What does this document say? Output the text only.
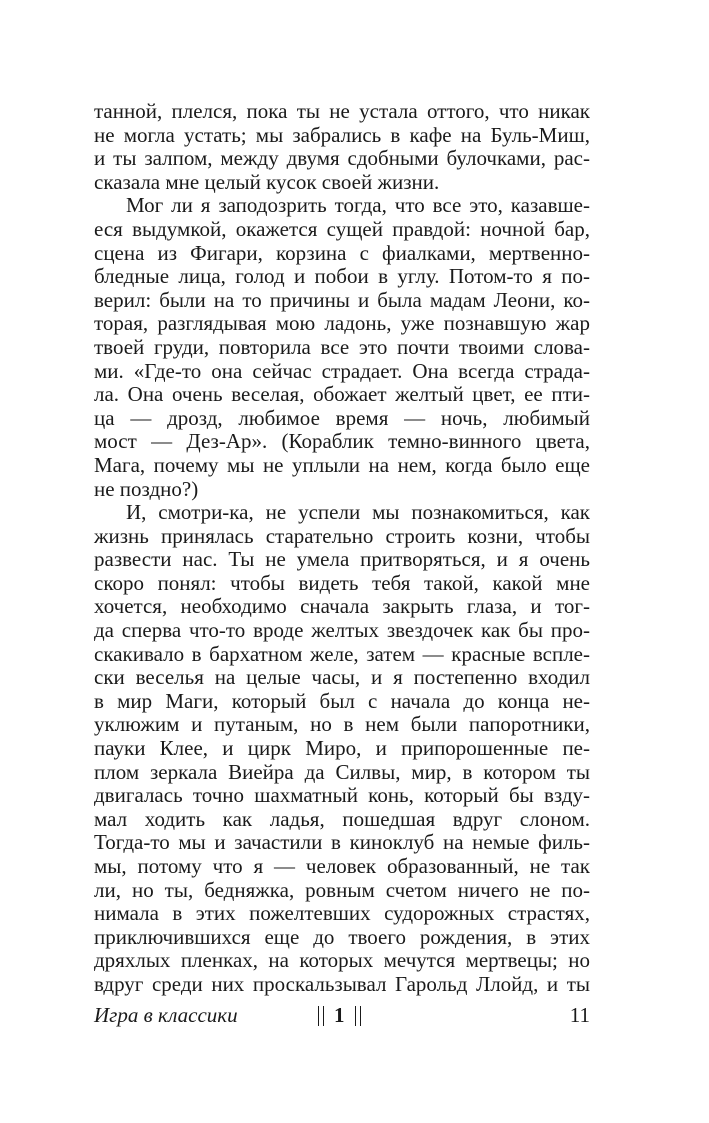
танной, плелся, пока ты не устала оттого, что никак
не могла устать; мы забрались в кафе на Буль-Миш,
и ты залпом, между двумя сдобными булочками, рас-
сказала мне целый кусок своей жизни.
Мог ли я заподозрить тогда, что все это, казавше-
еся выдумкой, окажется сущей правдой: ночной бар,
сцена из Фигари, корзина с фиалками, мертвенно-
бледные лица, голод и побои в углу. Потом-то я по-
верил: были на то причины и была мадам Леони, ко-
торая, разглядывая мою ладонь, уже познавшую жар
твоей груди, повторила все это почти твоими слова-
ми. «Где-то она сейчас страдает. Она всегда страда-
ла. Она очень веселая, обожает желтый цвет, ее пти-
ца — дрозд, любимое время — ночь, любимый
мост — Дез-Ар». (Кораблик темно-винного цвета,
Мага, почему мы не уплыли на нем, когда было еще
не поздно?)
И, смотри-ка, не успели мы познакомиться, как
жизнь принялась старательно строить козни, чтобы
развести нас. Ты не умела притворяться, и я очень
скоро понял: чтобы видеть тебя такой, какой мне
хочется, необходимо сначала закрыть глаза, и тог-
да сперва что-то вроде желтых звездочек как бы про-
скакивало в бархатном желе, затем — красные всплe-
ски веселья на целые часы, и я постепенно входил
в мир Маги, который был с начала до конца не-
уклюжим и путаным, но в нем были папоротники,
пауки Клее, и цирк Миро, и припорошенные пе-
плом зеркала Виейра да Силвы, мир, в котором ты
двигалась точно шахматный конь, который бы взду-
мал ходить как ладья, пошедшая вдруг слоном.
Тогда-то мы и зачастили в киноклуб на немые филь-
мы, потому что я — человек образованный, не так
ли, но ты, бедняжка, ровным счетом ничего не по-
нимала в этих пожелтевших судорожных страстях,
приключившихся еще до твоего рождения, в этих
дряхлых пленках, на которых мечутся мертвецы; но
вдруг среди них проскальзывал Гарольд Ллойд, и ты
Игра в классики	1	11
